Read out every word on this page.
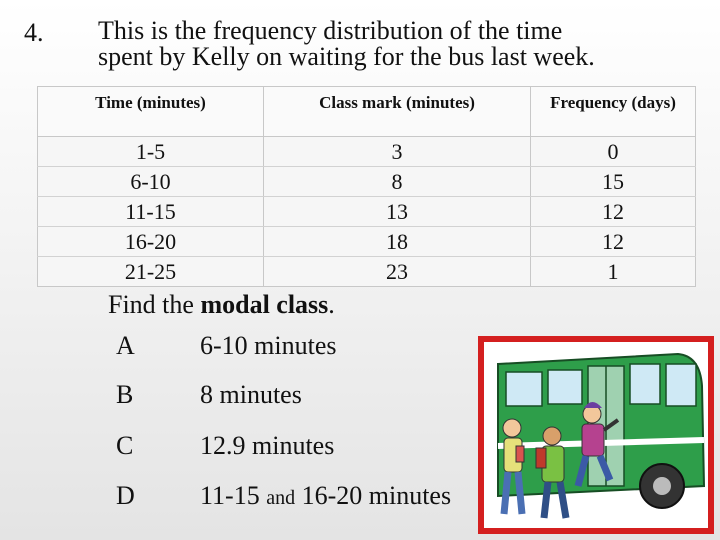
4. This is the frequency distribution of the time
spent by Kelly on waiting for the bus last week.
Time (minutes)	Class mark (minutes)	Frequency (days)
1-5	3	0
6-10	8	15
11-15	13	12
16-20	18	12
21-25	23	1
Find the modal class.
A	6-10 minutes
B	8 minutes
C	12.9 minutes
D	11-15 and 16-20 minutes
